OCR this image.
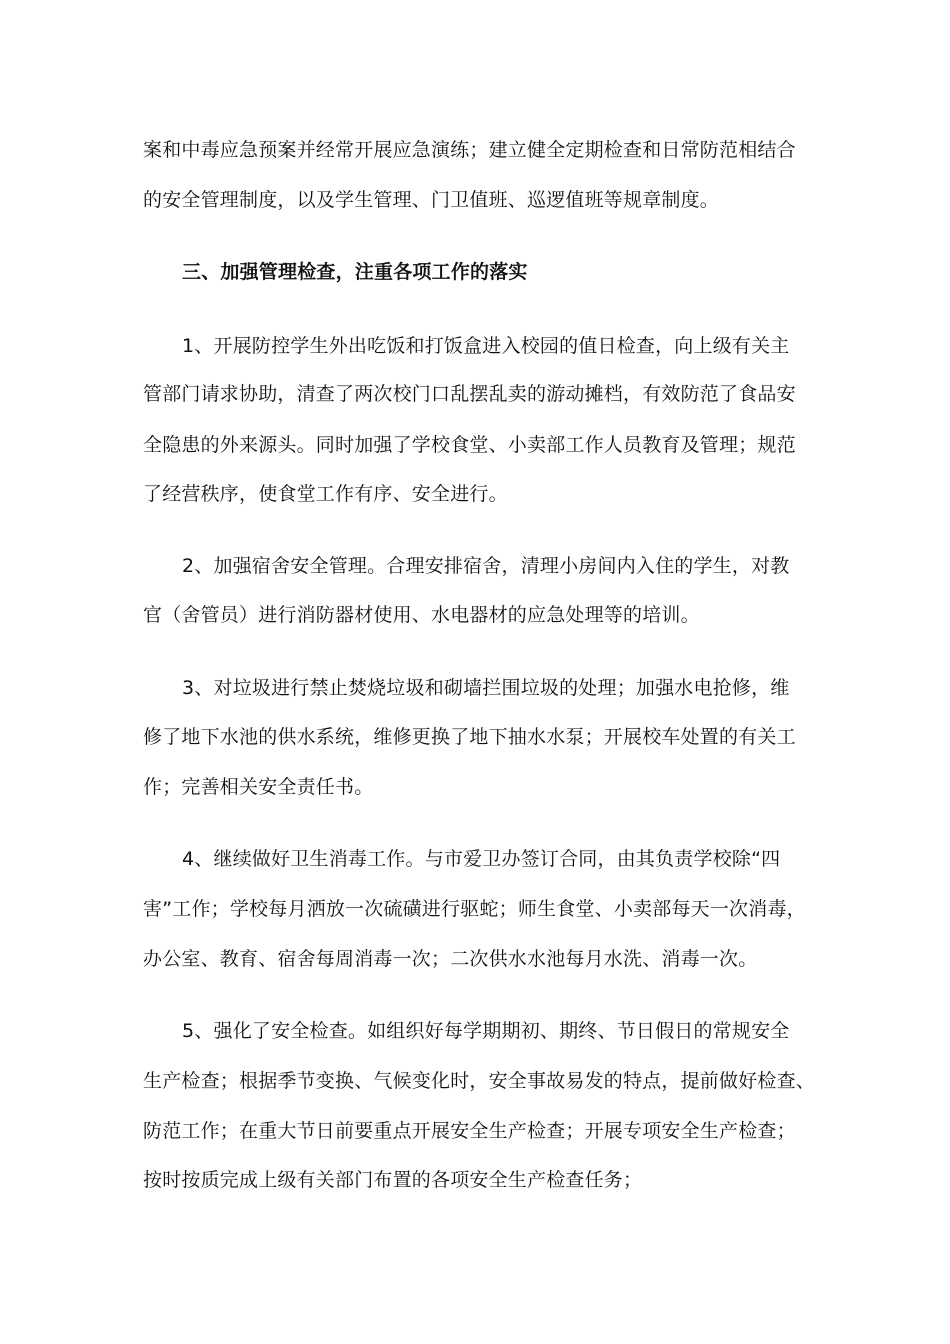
案和中毒应急预案并经常开展应急演练；建立健全定期检查和日常防范相结合
的安全管理制度，以及学生管理、门卫值班、巡逻值班等规章制度。
三、加强管理检查，注重各项工作的落实
1、开展防控学生外出吃饭和打饭盒进入校园的值日检查，向上级有关主
管部门请求协助，清查了两次校门口乱摆乱卖的游动摊档，有效防范了食品安
全隐患的外来源头。同时加强了学校食堂、小卖部工作人员教育及管理；规范
了经营秩序，使食堂工作有序、安全进行。
2、加强宿舍安全管理。合理安排宿舍，清理小房间内入住的学生，对教
官（舍管员）进行消防器材使用、水电器材的应急处理等的培训。
3、对垃圾进行禁止焚烧垃圾和砌墙拦围垃圾的处理；加强水电抢修，维
修了地下水池的供水系统，维修更换了地下抽水水泵；开展校车处置的有关工
作；完善相关安全责任书。
4、继续做好卫生消毒工作。与市爱卫办签订合同，由其负责学校除“四
害”工作；学校每月洒放一次硫磺进行驱蛇；师生食堂、小卖部每天一次消毒，
办公室、教育、宿舍每周消毒一次；二次供水水池每月水洗、消毒一次。
5、强化了安全检查。如组织好每学期期初、期终、节日假日的常规安全
生产检查；根据季节变换、气候变化时，安全事故易发的特点，提前做好检查、
防范工作；在重大节日前要重点开展安全生产检查；开展专项安全生产检查；
按时按质完成上级有关部门布置的各项安全生产检查任务；
